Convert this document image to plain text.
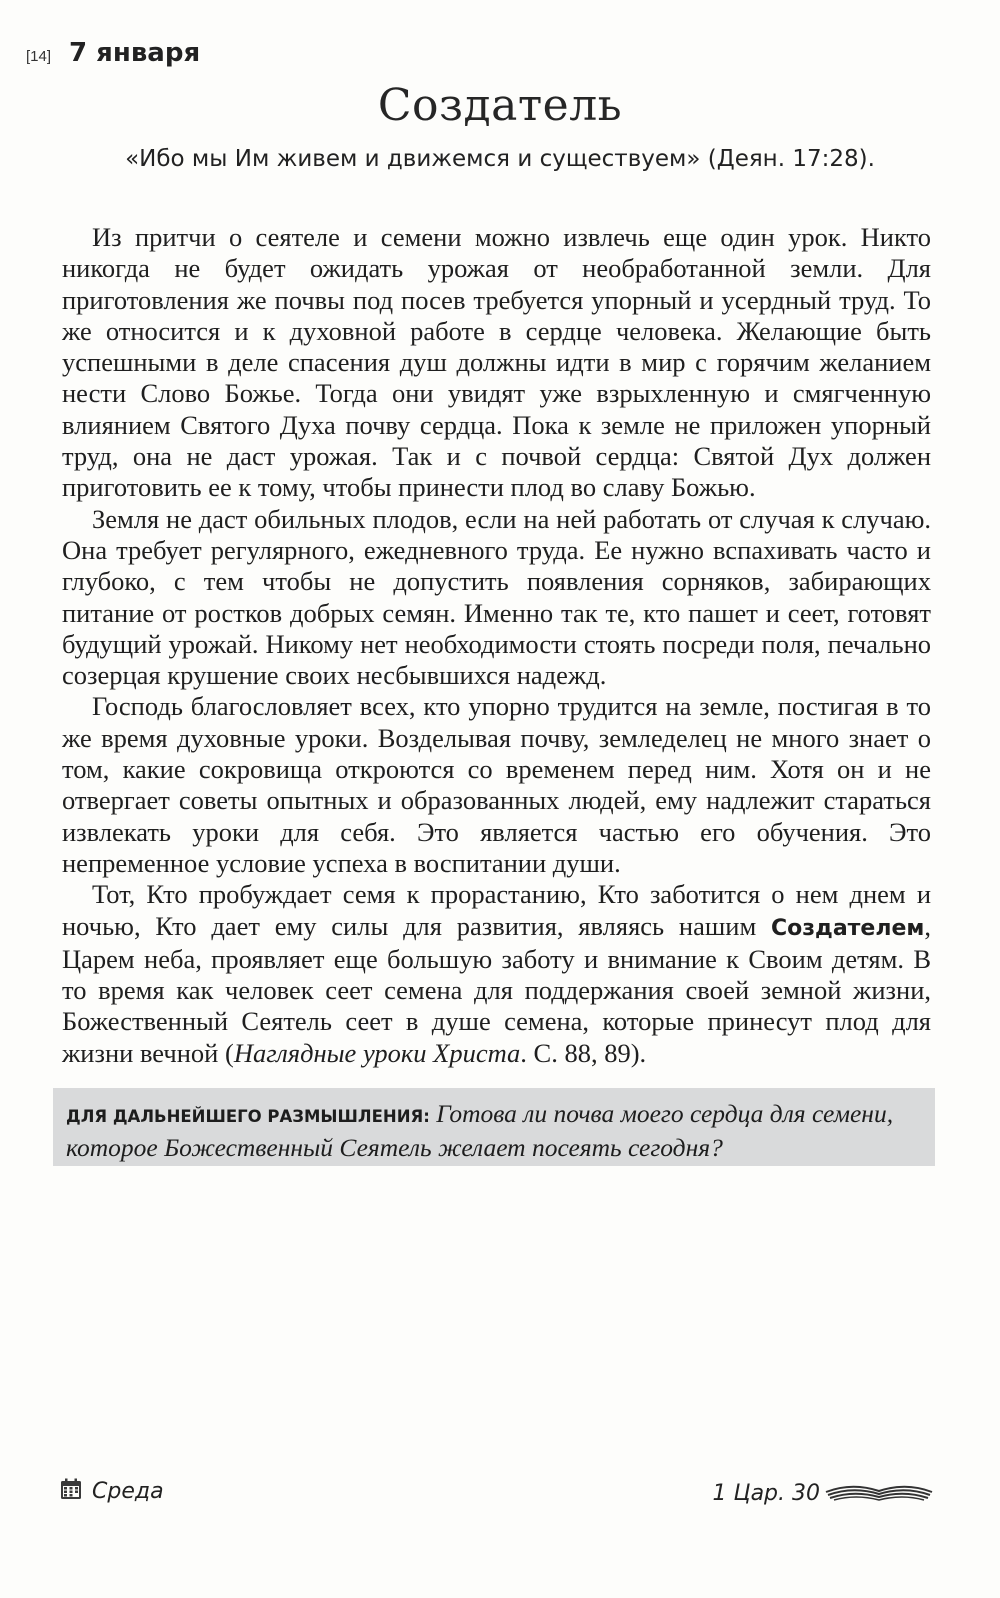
[14] 7 января
Создатель
«Ибо мы Им живем и движемся и существуем» (Деян. 17:28).

Из притчи о сеятеле и семени можно извлечь еще один урок. Никто никогда не будет ожидать урожая от необработанной земли. Для приготовления же почвы под посев требуется упорный и усердный труд. То же относится и к духовной работе в сердце человека. Желающие быть успешными в деле спасения душ должны идти в мир с горячим желанием нести Слово Божье. Тогда они увидят уже взрыхленную и смягченную влиянием Святого Духа почву сердца. Пока к земле не приложен упорный труд, она не даст урожая. Так и с почвой сердца: Святой Дух должен приготовить ее к тому, чтобы принести плод во славу Божью.

Земля не даст обильных плодов, если на ней работать от случая к случаю. Она требует регулярного, ежедневного труда. Ее нужно вспахивать часто и глубоко, с тем чтобы не допустить появления сорняков, забирающих питание от ростков добрых семян. Именно так те, кто пашет и сеет, готовят будущий урожай. Никому нет необходимости стоять посреди поля, печально созерцая крушение своих несбывшихся надежд.

Господь благословляет всех, кто упорно трудится на земле, постигая в то же время духовные уроки. Возделывая почву, земледелец не много знает о том, какие сокровища откроются со временем перед ним. Хотя он и не отвергает советы опытных и образованных людей, ему надлежит стараться извлекать уроки для себя. Это является частью его обучения. Это непременное условие успеха в воспитании души.

Тот, Кто пробуждает семя к прорастанию, Кто заботится о нем днем и ночью, Кто дает ему силы для развития, являясь нашим Создателем, Царем неба, проявляет еще большую заботу и внимание к Своим детям. В то время как человек сеет семена для поддержания своей земной жизни, Божественный Сеятель сеет в душе семена, которые принесут плод для жизни вечной (Наглядные уроки Христа. С. 88, 89).

ДЛЯ ДАЛЬНЕЙШЕГО РАЗМЫШЛЕНИЯ: Готова ли почва моего сердца для семени, которое Божественный Сеятель желает посеять сегодня?
Среда	1 Цар. 30
